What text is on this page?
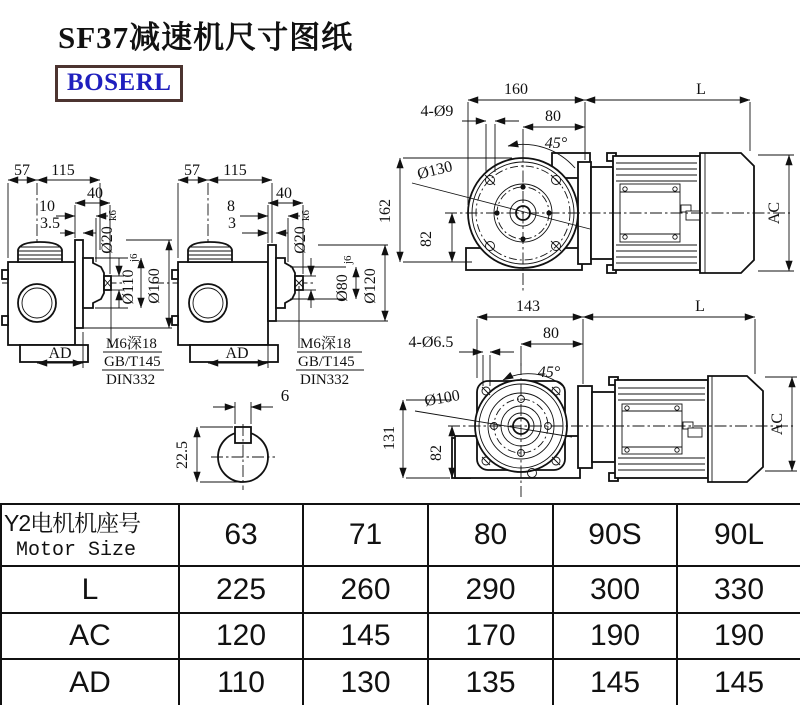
SF37减速机尺寸图纸
BOSERL
57 115
40
10
3.5
Ø20
k6
Ø110
j6
Ø160
AD
M6深18
GB/T145
DIN332
57 115
40
8
3
Ø20
k6
Ø80
j6
Ø120
AD
M6深18
GB/T145
DIN332
6
22.5
160	L
4-Ø9	80
45°
Ø130
162
82
AC
143	L
4-Ø6.5
80
45°
Ø100
131
82
AC
Y2电机机座号
Motor Size	63	71	80	90S	90L
L	225	260	290	300	330
AC	120	145	170	190	190
AD	110	130	135	145	145
